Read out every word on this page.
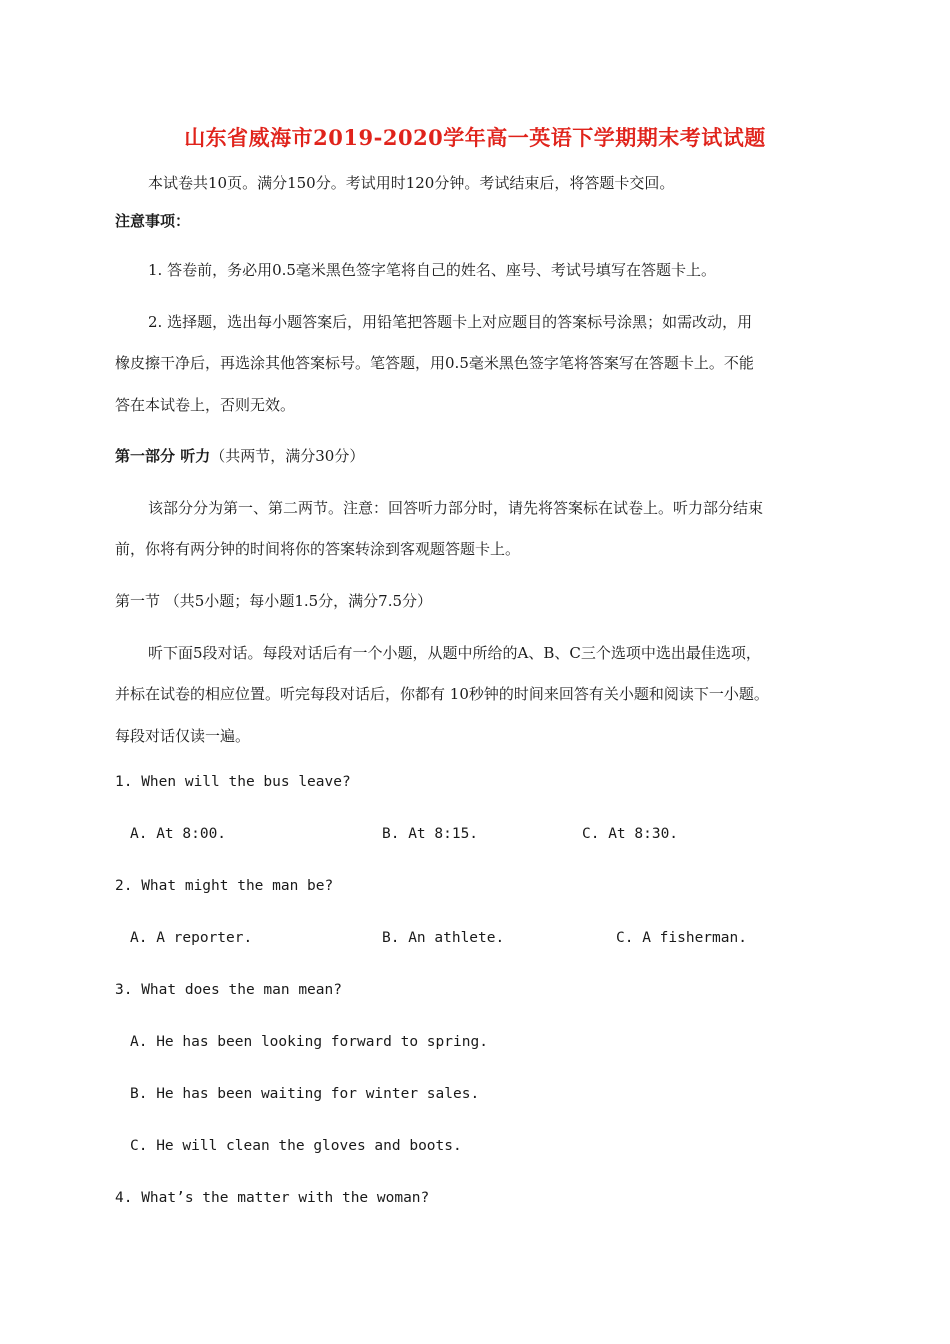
山东省威海市2019-2020学年高一英语下学期期末考试试题
本试卷共10页。满分150分。考试用时120分钟。考试结束后，将答题卡交回。
注意事项：
1. 答卷前，务必用0.5毫米黑色签字笔将自己的姓名、座号、考试号填写在答题卡上。
2. 选择题，选出每小题答案后，用铅笔把答题卡上对应题目的答案标号涂黑；如需改动，用
橡皮擦干净后，再选涂其他答案标号。笔答题，用0.5毫米黑色签字笔将答案写在答题卡上。不能
答在本试卷上，否则无效。
第一部分 听力（共两节，满分30分）
该部分分为第一、第二两节。注意：回答听力部分时，请先将答案标在试卷上。听力部分结束
前，你将有两分钟的时间将你的答案转涂到客观题答题卡上。
第一节 （共5小题；每小题1.5分，满分7.5分）
听下面5段对话。每段对话后有一个小题，从题中所给的A、B、C三个选项中选出最佳选项，
并标在试卷的相应位置。听完每段对话后，你都有 10秒钟的时间来回答有关小题和阅读下一小题。
每段对话仅读一遍。
1. When will the bus leave?
A. At 8:00.	B. At 8:15.	C. At 8:30.
2. What might the man be?
A. A reporter.	B. An athlete.	C. A fisherman.
3. What does the man mean?
A. He has been looking forward to spring.
B. He has been waiting for winter sales.
C. He will clean the gloves and boots.
4. What’s the matter with the woman?
